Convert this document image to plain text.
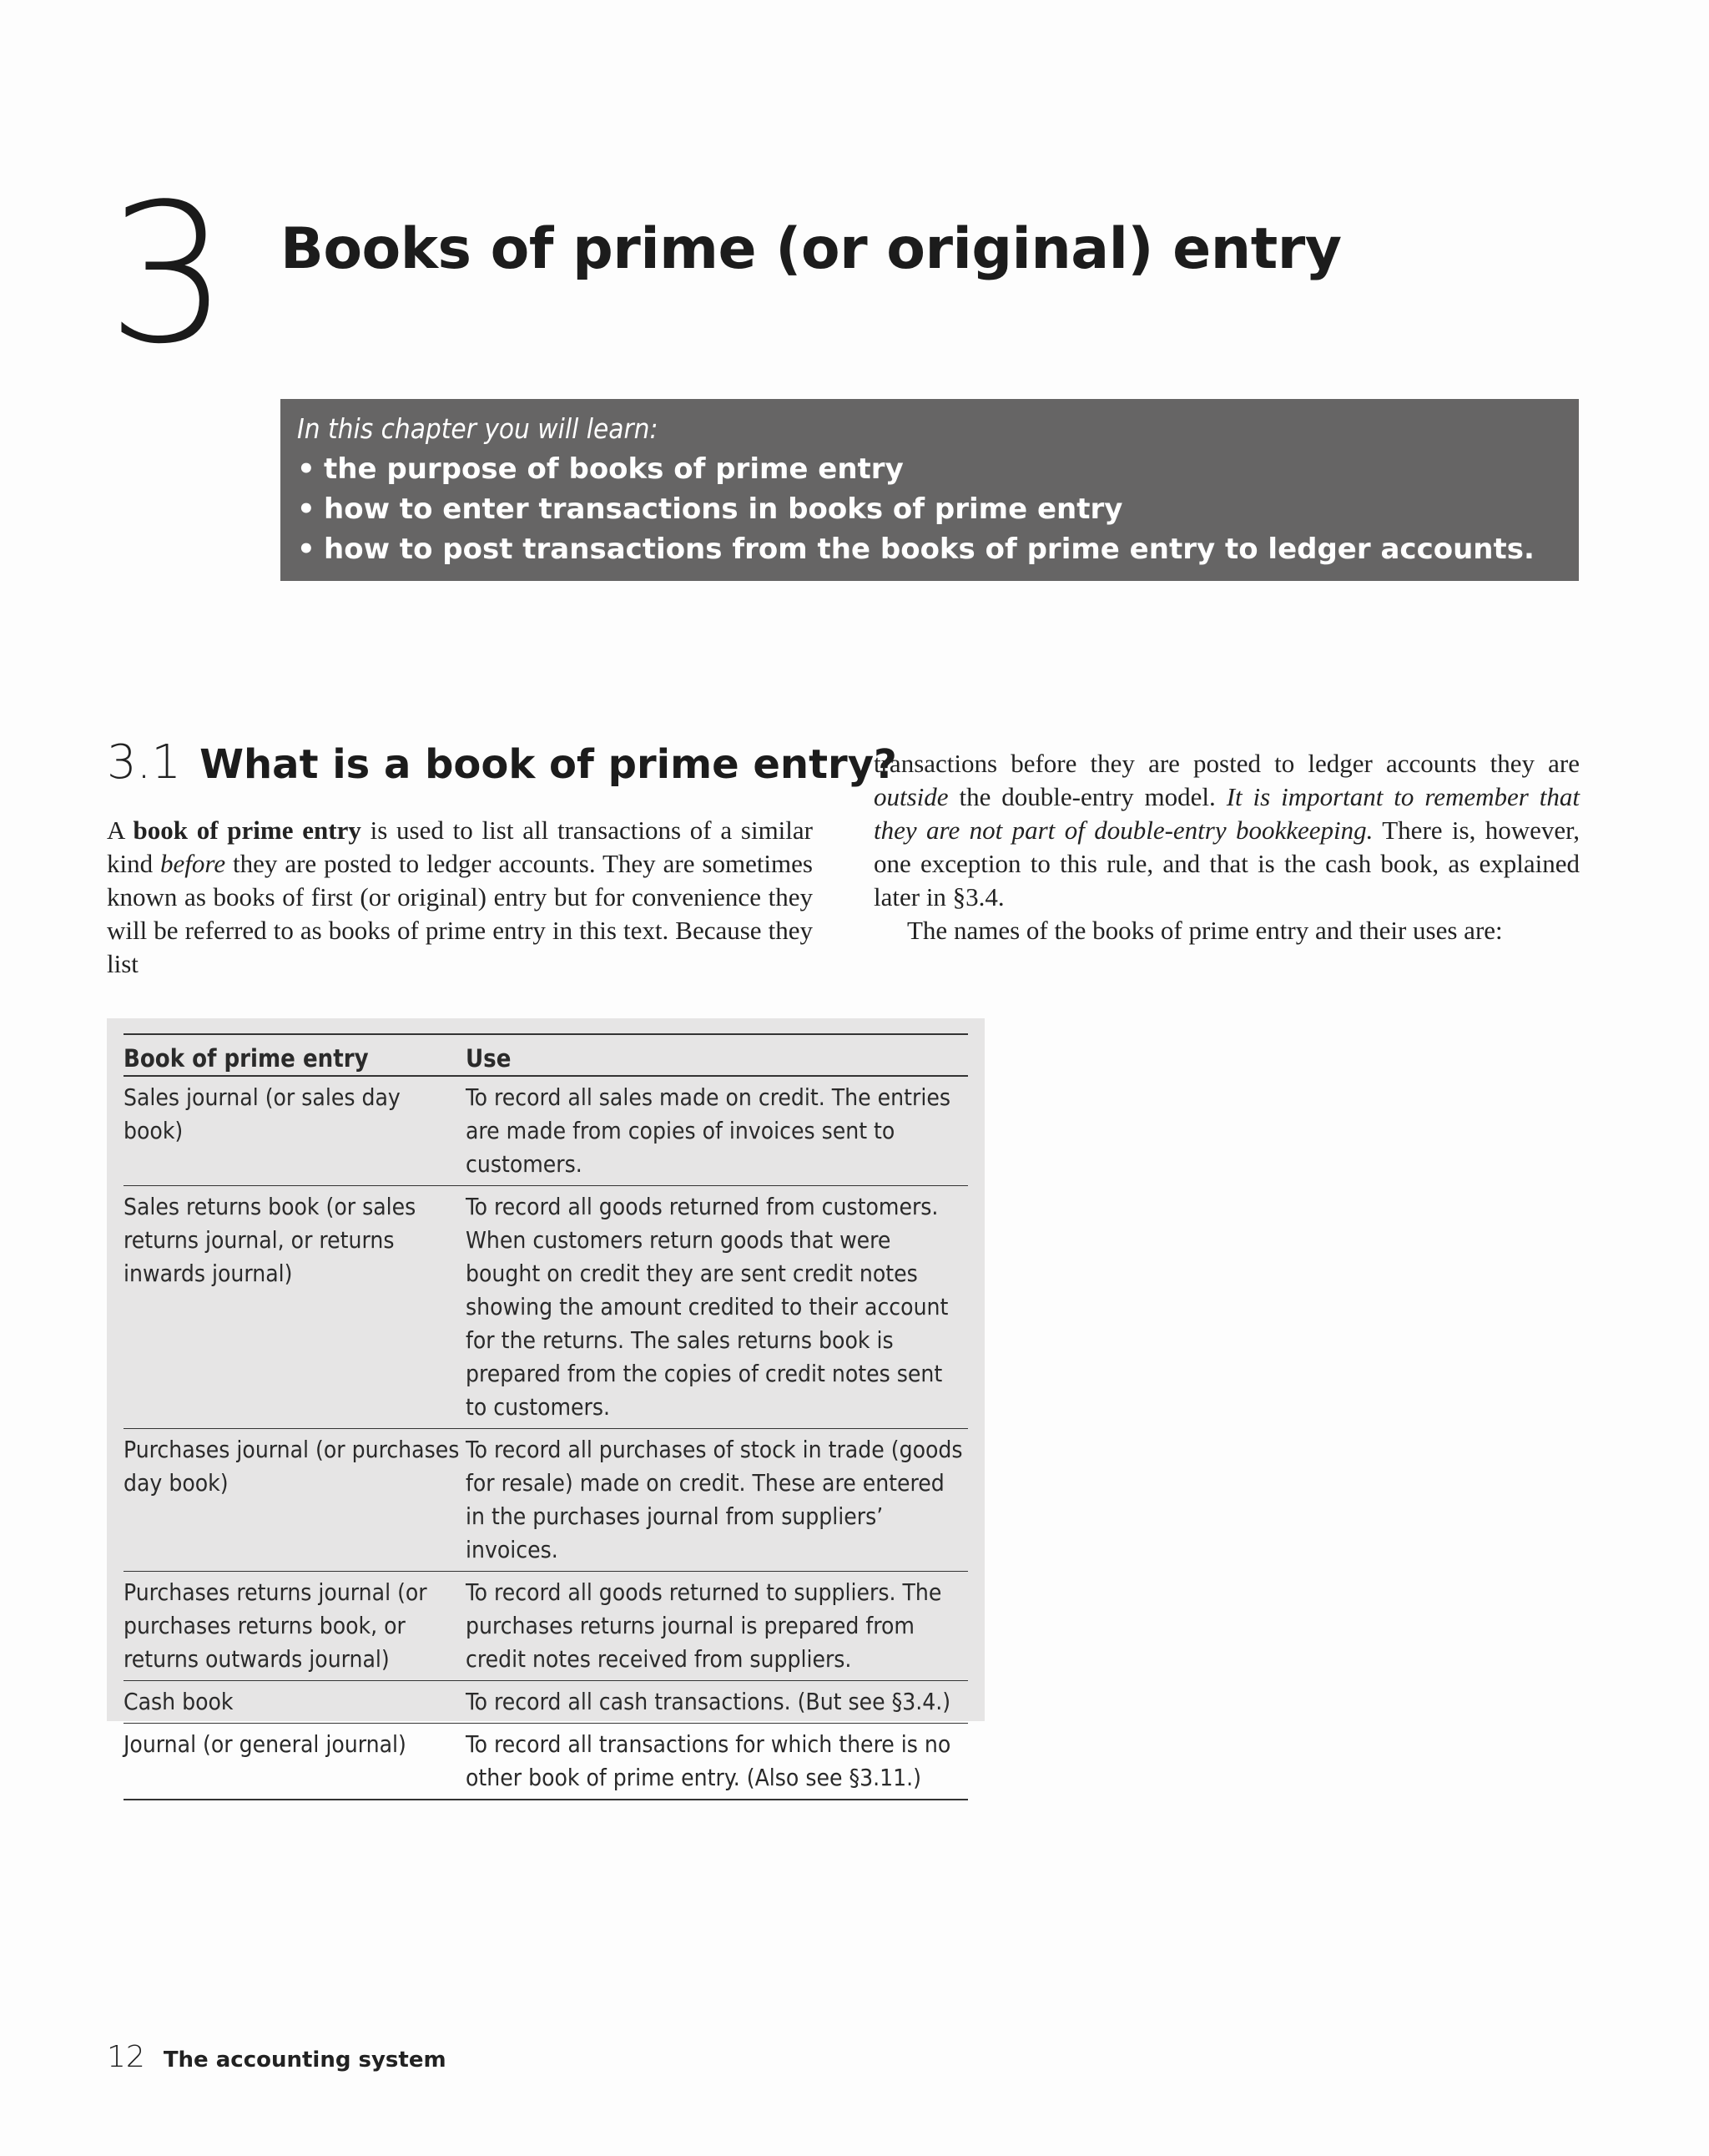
3 Books of prime (or original) entry
In this chapter you will learn:
• the purpose of books of prime entry
• how to enter transactions in books of prime entry
• how to post transactions from the books of prime entry to ledger accounts.
3.1 What is a book of prime entry?

A book of prime entry is used to list all transactions of a similar kind before they are posted to ledger accounts. They are sometimes known as books of first (or original) entry but for convenience they will be referred to as books of prime entry in this text. Because they list

transactions before they are posted to ledger accounts they are outside the double-entry model. It is important to remember that they are not part of double-entry bookkeeping. There is, however, one exception to this rule, and that is the cash book, as explained later in §3.4.

The names of the books of prime entry and their uses are:

Book of prime entry	Use
Sales journal (or sales day book)	To record all sales made on credit. The entries are made from copies of invoices sent to customers.
Sales returns book (or sales returns journal, or returns inwards journal)	To record all goods returned from customers. When customers return goods that were bought on credit they are sent credit notes showing the amount credited to their account for the returns. The sales returns book is prepared from the copies of credit notes sent to customers.
Purchases journal (or purchases day book)	To record all purchases of stock in trade (goods for resale) made on credit. These are entered in the purchases journal from suppliers’ invoices.
Purchases returns journal (or purchases returns book, or returns outwards journal)	To record all goods returned to suppliers. The purchases returns journal is prepared from credit notes received from suppliers.
Cash book	To record all cash transactions. (But see §3.4.)
Journal (or general journal)	To record all transactions for which there is no other book of prime entry. (Also see §3.11.)
12 The accounting system
